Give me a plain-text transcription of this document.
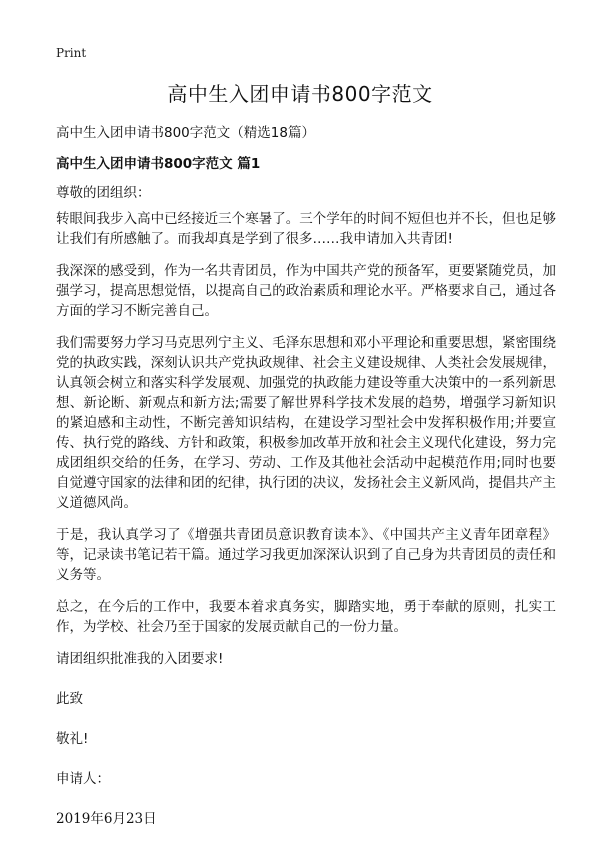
Print
高中生入团申请书800字范文

高中生入团申请书800字范文（精选18篇）

高中生入团申请书800字范文 篇1

尊敬的团组织：

转眼间我步入高中已经接近三个寒暑了。三个学年的时间不短但也并不长，但也足够让我们有所感触了。而我却真是学到了很多……我申请加入共青团!

我深深的感受到，作为一名共青团员，作为中国共产党的预备军，更要紧随党员，加强学习，提高思想觉悟，以提高自己的政治素质和理论水平。严格要求自己，通过各方面的学习不断完善自己。

我们需要努力学习马克思列宁主义、毛泽东思想和邓小平理论和重要思想，紧密围绕党的执政实践，深刻认识共产党执政规律、社会主义建设规律、人类社会发展规律，认真领会树立和落实科学发展观、加强党的执政能力建设等重大决策中的一系列新思想、新论断、新观点和新方法;需要了解世界科学技术发展的趋势，增强学习新知识的紧迫感和主动性，不断完善知识结构，在建设学习型社会中发挥积极作用;并要宣传、执行党的路线、方针和政策，积极参加改革开放和社会主义现代化建设，努力完成团组织交给的任务，在学习、劳动、工作及其他社会活动中起模范作用;同时也要自觉遵守国家的法律和团的纪律，执行团的决议，发扬社会主义新风尚，提倡共产主义道德风尚。

于是，我认真学习了《增强共青团员意识教育读本》、《中国共产主义青年团章程》等，记录读书笔记若干篇。通过学习我更加深深认识到了自己身为共青团员的责任和义务等。

总之，在今后的工作中，我要本着求真务实，脚踏实地，勇于奉献的原则，扎实工作，为学校、社会乃至于国家的发展贡献自己的一份力量。

请团组织批准我的入团要求!

此致

敬礼!

申请人：

2019年6月23日
